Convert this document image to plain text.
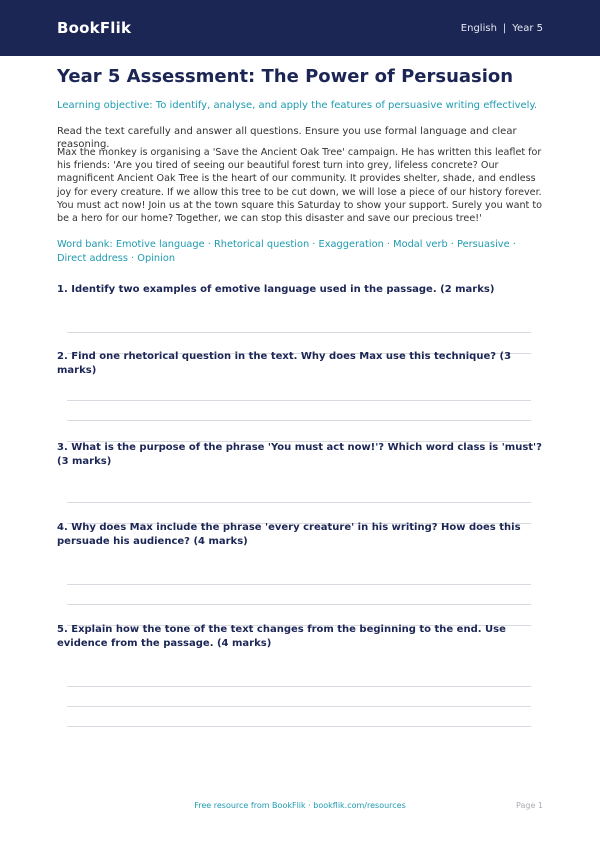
BookFlik	English | Year 5
Year 5 Assessment: The Power of Persuasion
Learning objective: To identify, analyse, and apply the features of persuasive writing effectively.
Read the text carefully and answer all questions. Ensure you use formal language and clear reasoning.
Max the monkey is organising a 'Save the Ancient Oak Tree' campaign. He has written this leaflet for his friends: 'Are you tired of seeing our beautiful forest turn into grey, lifeless concrete? Our magnificent Ancient Oak Tree is the heart of our community. It provides shelter, shade, and endless joy for every creature. If we allow this tree to be cut down, we will lose a piece of our history forever. You must act now! Join us at the town square this Saturday to show your support. Surely you want to be a hero for our home? Together, we can stop this disaster and save our precious tree!'
Word bank: Emotive language · Rhetorical question · Exaggeration · Modal verb · Persuasive · Direct address · Opinion
1. Identify two examples of emotive language used in the passage. (2 marks)
2. Find one rhetorical question in the text. Why does Max use this technique? (3 marks)
3. What is the purpose of the phrase 'You must act now!'? Which word class is 'must'? (3 marks)
4. Why does Max include the phrase 'every creature' in his writing? How does this persuade his audience? (4 marks)
5. Explain how the tone of the text changes from the beginning to the end. Use evidence from the passage. (4 marks)
Free resource from BookFlik · bookflik.com/resources	Page 1
